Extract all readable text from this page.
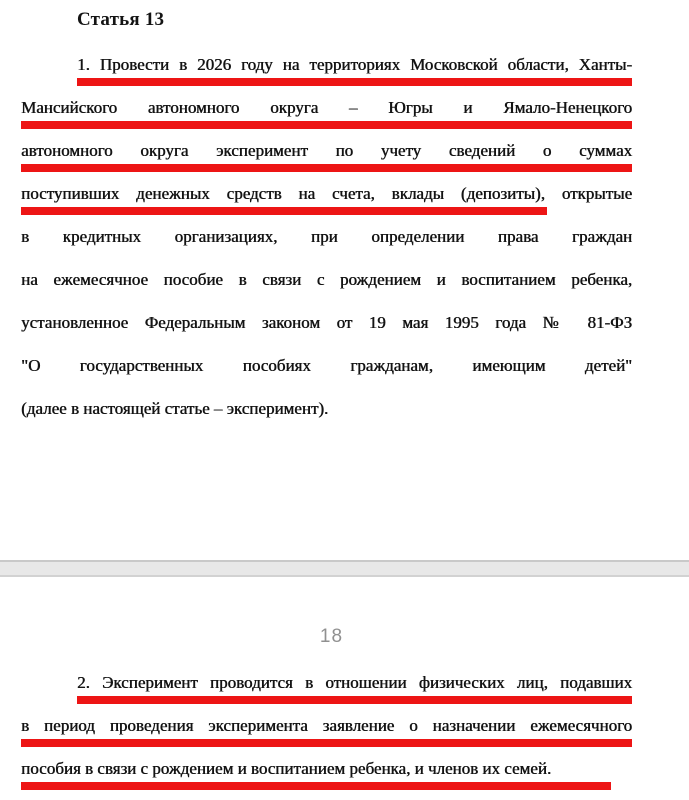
Статья 13
1. Провести в 2026 году на территориях Московской области, Ханты-
Мансийского автономного округа – Югры и Ямало-Ненецкого
автономного округа эксперимент по учету сведений о суммах
поступивших денежных средств на счета, вклады (депозиты), открытые
в кредитных организациях, при определении права граждан
на ежемесячное пособие в связи с рождением и воспитанием ребенка,
установленное Федеральным законом от 19 мая 1995 года № 81-ФЗ
"О государственных пособиях гражданам, имеющим детей"
(далее в настоящей статье – эксперимент).
18
2. Эксперимент проводится в отношении физических лиц, подавших
в период проведения эксперимента заявление о назначении ежемесячного
пособия в связи с рождением и воспитанием ребенка, и членов их семей.
